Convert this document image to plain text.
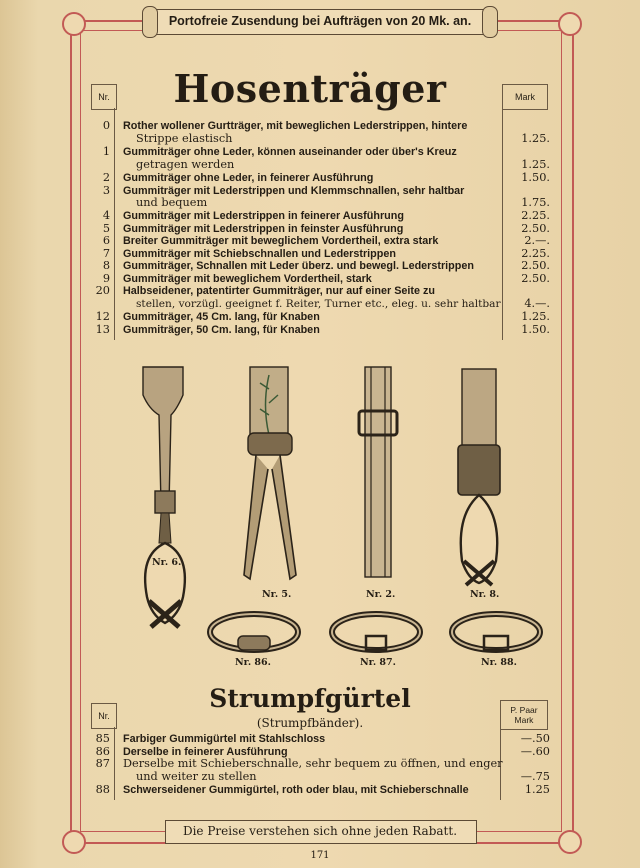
Portofreie Zusendung bei Aufträgen von 20 Mk. an.
Hosenträger
Nr.	Mark
0 Rother wollener Gurtträger, mit beweglichen Lederstrippen, hintere
Strippe elastisch	1.25.
1 Gummiträger ohne Leder, können auseinander oder über's Kreuz
getragen werden	1.25.
2 Gummiträger ohne Leder, in feinerer Ausführung	1.50.
3 Gummiträger mit Lederstrippen und Klemmschnallen, sehr haltbar
und bequem	1.75.
4 Gummiträger mit Lederstrippen in feinerer Ausführung	2.25.
5 Gummiträger mit Lederstrippen in feinster Ausführung	2.50.
6 Breiter Gummiträger mit beweglichem Vordertheil, extra stark	2.—.
7 Gummiträger mit Schiebschnallen und Lederstrippen	2.25.
8 Gummiträger, Schnallen mit Leder überz. und bewegl. Lederstrippen	2.50.
9 Gummiträger mit beweglichem Vordertheil, stark	2.50.
20 Halbseidener, patentirter Gummiträger, nur auf einer Seite zu
stellen, vorzügl. geeignet f. Reiter, Turner etc., eleg. u. sehr haltbar	4.—.
12 Gummiträger, 45 Cm. lang, für Knaben	1.25.
13 Gummiträger, 50 Cm. lang, für Knaben	1.50.
Nr. 6.
Nr. 5.	Nr. 2.	Nr. 8.
Nr. 86.	Nr. 87.	Nr. 88.
Strumpfgürtel
(Strumpfbänder).
Nr.
P. Paar
Mark
85 Farbiger Gummigürtel mit Stahlschloss	—.50
86 Derselbe in feinerer Ausführung	—.60
87 Derselbe mit Schieberschnalle, sehr bequem zu öffnen, und enger
und weiter zu stellen	—.75
88 Schwerseidener Gummigürtel, roth oder blau, mit Schieberschnalle	1.25
Die Preise verstehen sich ohne jeden Rabatt.
171
